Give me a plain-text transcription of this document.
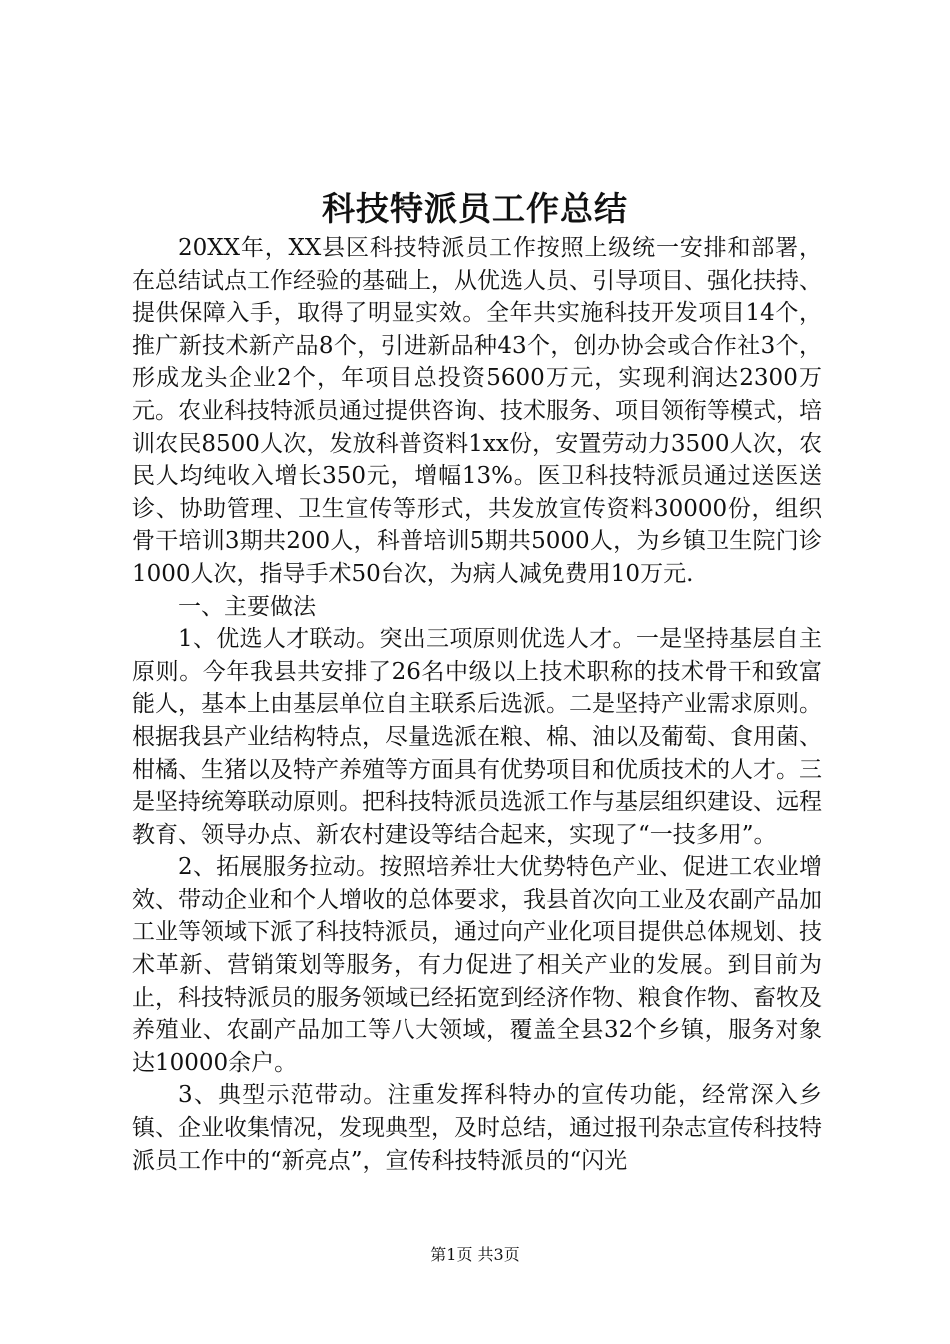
科技特派员工作总结

20XX年，XX县区科技特派员工作按照上级统一安排和部署，在总结试点工作经验的基础上，从优选人员、引导项目、强化扶持、提供保障入手，取得了明显实效。全年共实施科技开发项目14个，推广新技术新产品8个，引进新品种43个，创办协会或合作社3个，形成龙头企业2个，年项目总投资5600万元，实现利润达2300万元。农业科技特派员通过提供咨询、技术服务、项目领衔等模式，培训农民8500人次，发放科普资料1xx份，安置劳动力3500人次，农民人均纯收入增长350元，增幅13%。医卫科技特派员通过送医送诊、协助管理、卫生宣传等形式，共发放宣传资料30000份，组织骨干培训3期共200人，科普培训5期共5000人，为乡镇卫生院门诊1000人次，指导手术50台次，为病人减免费用10万元.

一、主要做法

1、优选人才联动。突出三项原则优选人才。一是坚持基层自主原则。今年我县共安排了26名中级以上技术职称的技术骨干和致富能人，基本上由基层单位自主联系后选派。二是坚持产业需求原则。根据我县产业结构特点，尽量选派在粮、棉、油以及葡萄、食用菌、柑橘、生猪以及特产养殖等方面具有优势项目和优质技术的人才。三是坚持统筹联动原则。把科技特派员选派工作与基层组织建设、远程教育、领导办点、新农村建设等结合起来，实现了“一技多用”。

2、拓展服务拉动。按照培养壮大优势特色产业、促进工农业增效、带动企业和个人增收的总体要求，我县首次向工业及农副产品加工业等领域下派了科技特派员，通过向产业化项目提供总体规划、技术革新、营销策划等服务，有力促进了相关产业的发展。到目前为止，科技特派员的服务领域已经拓宽到经济作物、粮食作物、畜牧及养殖业、农副产品加工等八大领域，覆盖全县32个乡镇，服务对象达10000余户。

3、典型示范带动。注重发挥科特办的宣传功能，经常深入乡镇、企业收集情况，发现典型，及时总结，通过报刊杂志宣传科技特派员工作中的“新亮点”，宣传科技特派员的“闪光

第1页 共3页
